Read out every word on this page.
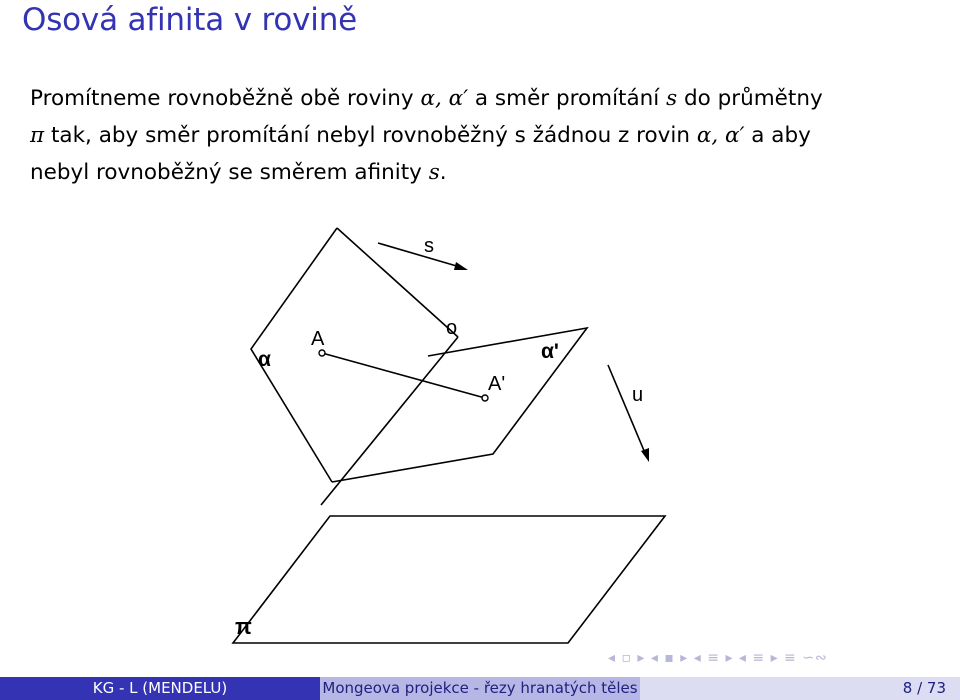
Osová afinita v rovině
Promítneme rovnoběžně obě roviny α, α′ a směr promítání s do průmětny
π tak, aby směr promítání nebyl rovnoběžný s žádnou z rovin α, α′ a aby
nebyl rovnoběžný se směrem afinity s.
s
α
A	o
α'
A'	u
π
◂ ▫ ▸ ◂ ▪ ▸ ◂ ≡ ▸ ◂ ≡ ▸ ≡ ∽∾
KG - L (MENDELU)	Mongeova projekce - řezy hranatých těles	8 / 73
